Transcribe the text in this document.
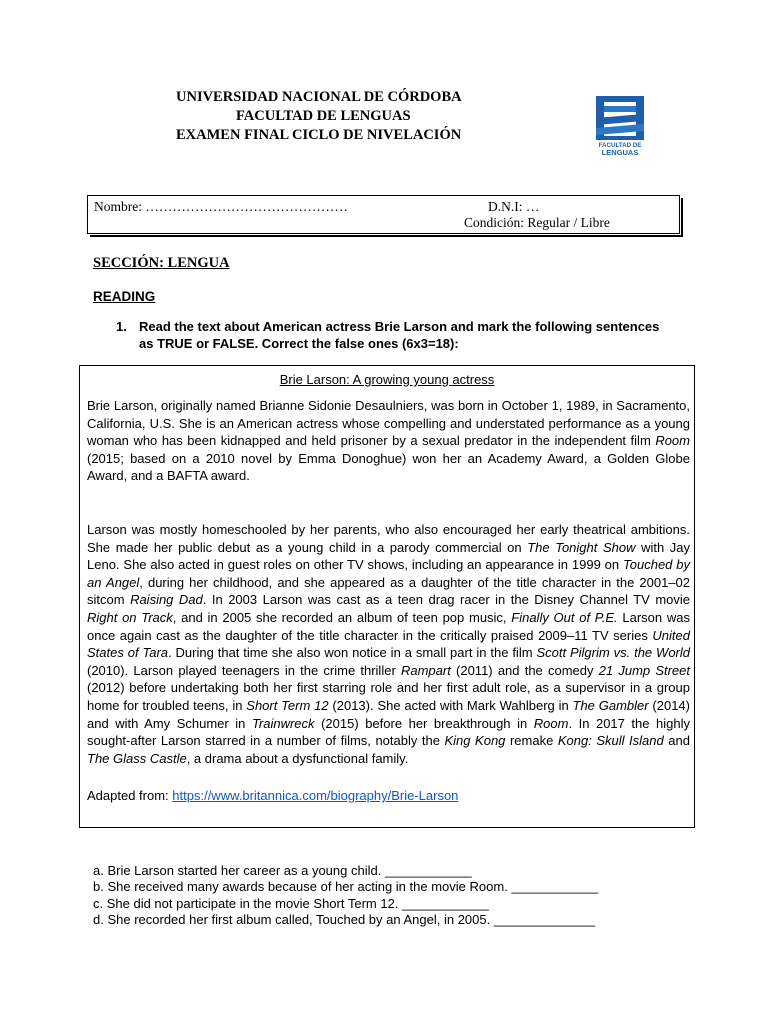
UNIVERSIDAD NACIONAL DE CÓRDOBA
FACULTAD DE LENGUAS
EXAMEN FINAL CICLO DE NIVELACIÓN
FACULTAD DE
LENGUAS
Nombre: ………………………………………	D.N.I: …
Condición: Regular / Libre
SECCIÓN: LENGUA
READING
1. Read the text about American actress Brie Larson and mark the following sentences as TRUE or FALSE. Correct the false ones (6x3=18):
Brie Larson: A growing young actress
Brie Larson, originally named Brianne Sidonie Desaulniers, was born in October 1, 1989, in Sacramento, California, U.S. She is an American actress whose compelling and understated performance as a young woman who has been kidnapped and held prisoner by a sexual predator in the independent film Room (2015; based on a 2010 novel by Emma Donoghue) won her an Academy Award, a Golden Globe Award, and a BAFTA award.
Larson was mostly homeschooled by her parents, who also encouraged her early theatrical ambitions. She made her public debut as a young child in a parody commercial on The Tonight Show with Jay Leno. She also acted in guest roles on other TV shows, including an appearance in 1999 on Touched by an Angel, during her childhood, and she appeared as a daughter of the title character in the 2001–02 sitcom Raising Dad. In 2003 Larson was cast as a teen drag racer in the Disney Channel TV movie Right on Track, and in 2005 she recorded an album of teen pop music, Finally Out of P.E. Larson was once again cast as the daughter of the title character in the critically praised 2009–11 TV series United States of Tara. During that time she also won notice in a small part in the film Scott Pilgrim vs. the World (2010). Larson played teenagers in the crime thriller Rampart (2011) and the comedy 21 Jump Street (2012) before undertaking both her first starring role and her first adult role, as a supervisor in a group home for troubled teens, in Short Term 12 (2013). She acted with Mark Wahlberg in The Gambler (2014) and with Amy Schumer in Trainwreck (2015) before her breakthrough in Room. In 2017 the highly sought-after Larson starred in a number of films, notably the King Kong remake Kong: Skull Island and The Glass Castle, a drama about a dysfunctional family.
Adapted from: https://www.britannica.com/biography/Brie-Larson
a. Brie Larson started her career as a young child. ____________
b. She received many awards because of her acting in the movie Room. ____________
c. She did not participate in the movie Short Term 12. ____________
d. She recorded her first album called, Touched by an Angel, in 2005. ______________
